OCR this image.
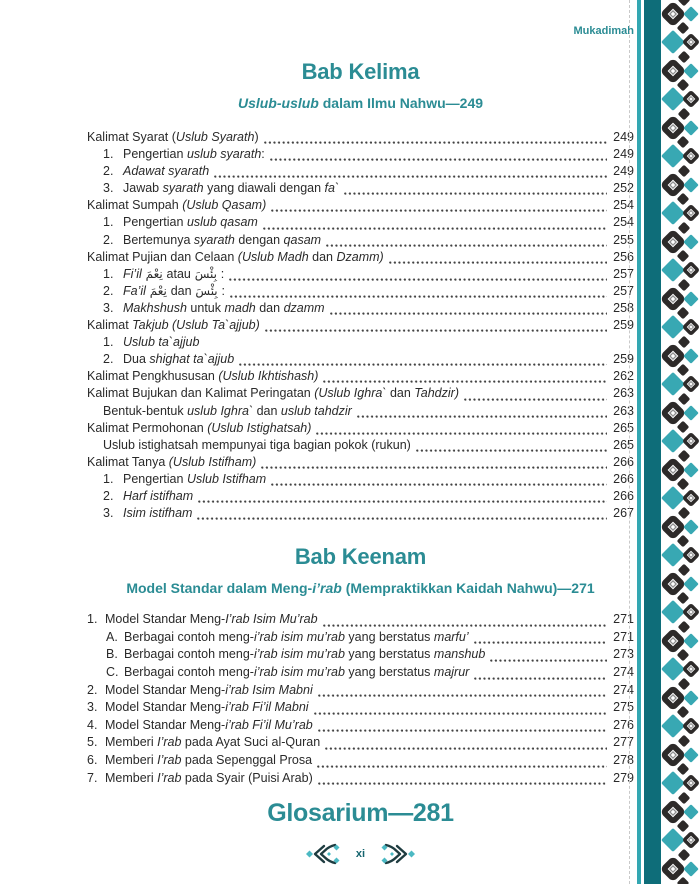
Mukadimah
Bab Kelima
Uslub-uslub dalam Ilmu Nahwu—249
Kalimat Syarat (Uslub Syarath)	249
1. Pengertian uslub syarath:	249
2. Adawat syarath	249
3. Jawab syarath yang diawali dengan fa`	252
Kalimat Sumpah (Uslub Qasam)	254
1. Pengertian uslub qasam	254
2. Bertemunya syarath dengan qasam	255
Kalimat Pujian dan Celaan (Uslub Madh dan Dzamm)	256
1. Fi’il نِعْمَ atau بِئْسَ :	257
2. Fa’il نِعْمَ dan بِئْسَ :	257
3. Makhshush untuk madh dan dzamm	258
Kalimat Takjub (Uslub Ta`ajjub)	259
1. Uslub ta`ajjub
2. Dua shighat ta`ajjub	259
Kalimat Pengkhususan (Uslub Ikhtishash)	262
Kalimat Bujukan dan Kalimat Peringatan (Uslub Ighra` dan Tahdzir)	263
Bentuk-bentuk uslub Ighra` dan uslub tahdzir	263
Kalimat Permohonan (Uslub Istighatsah)	265
Uslub istighatsah mempunyai tiga bagian pokok (rukun)	265
Kalimat Tanya (Uslub Istifham)	266
1. Pengertian Uslub Istifham	266
2. Harf istifham	266
3. Isim istifham	267
Bab Keenam
Model Standar dalam Meng-i’rab (Mempraktikkan Kaidah Nahwu)—271
1. Model Standar Meng-I’rab Isim Mu’rab	271
A. Berbagai contoh meng-i’rab isim mu’rab yang berstatus marfu’	271
B. Berbagai contoh meng-i’rab isim mu’rab yang berstatus manshub	273
C. Berbagai contoh meng-i’rab isim mu’rab yang berstatus majrur	274
2. Model Standar Meng-i’rab Isim Mabni	274
3. Model Standar Meng-i’rab Fi’il Mabni	275
4. Model Standar Meng-i’rab Fi’il Mu’rab	276
5. Memberi I’rab pada Ayat Suci al-Quran	277
6. Memberi I’rab pada Sepenggal Prosa	278
7. Memberi I’rab pada Syair (Puisi Arab)	279
Glosarium—281
xi
